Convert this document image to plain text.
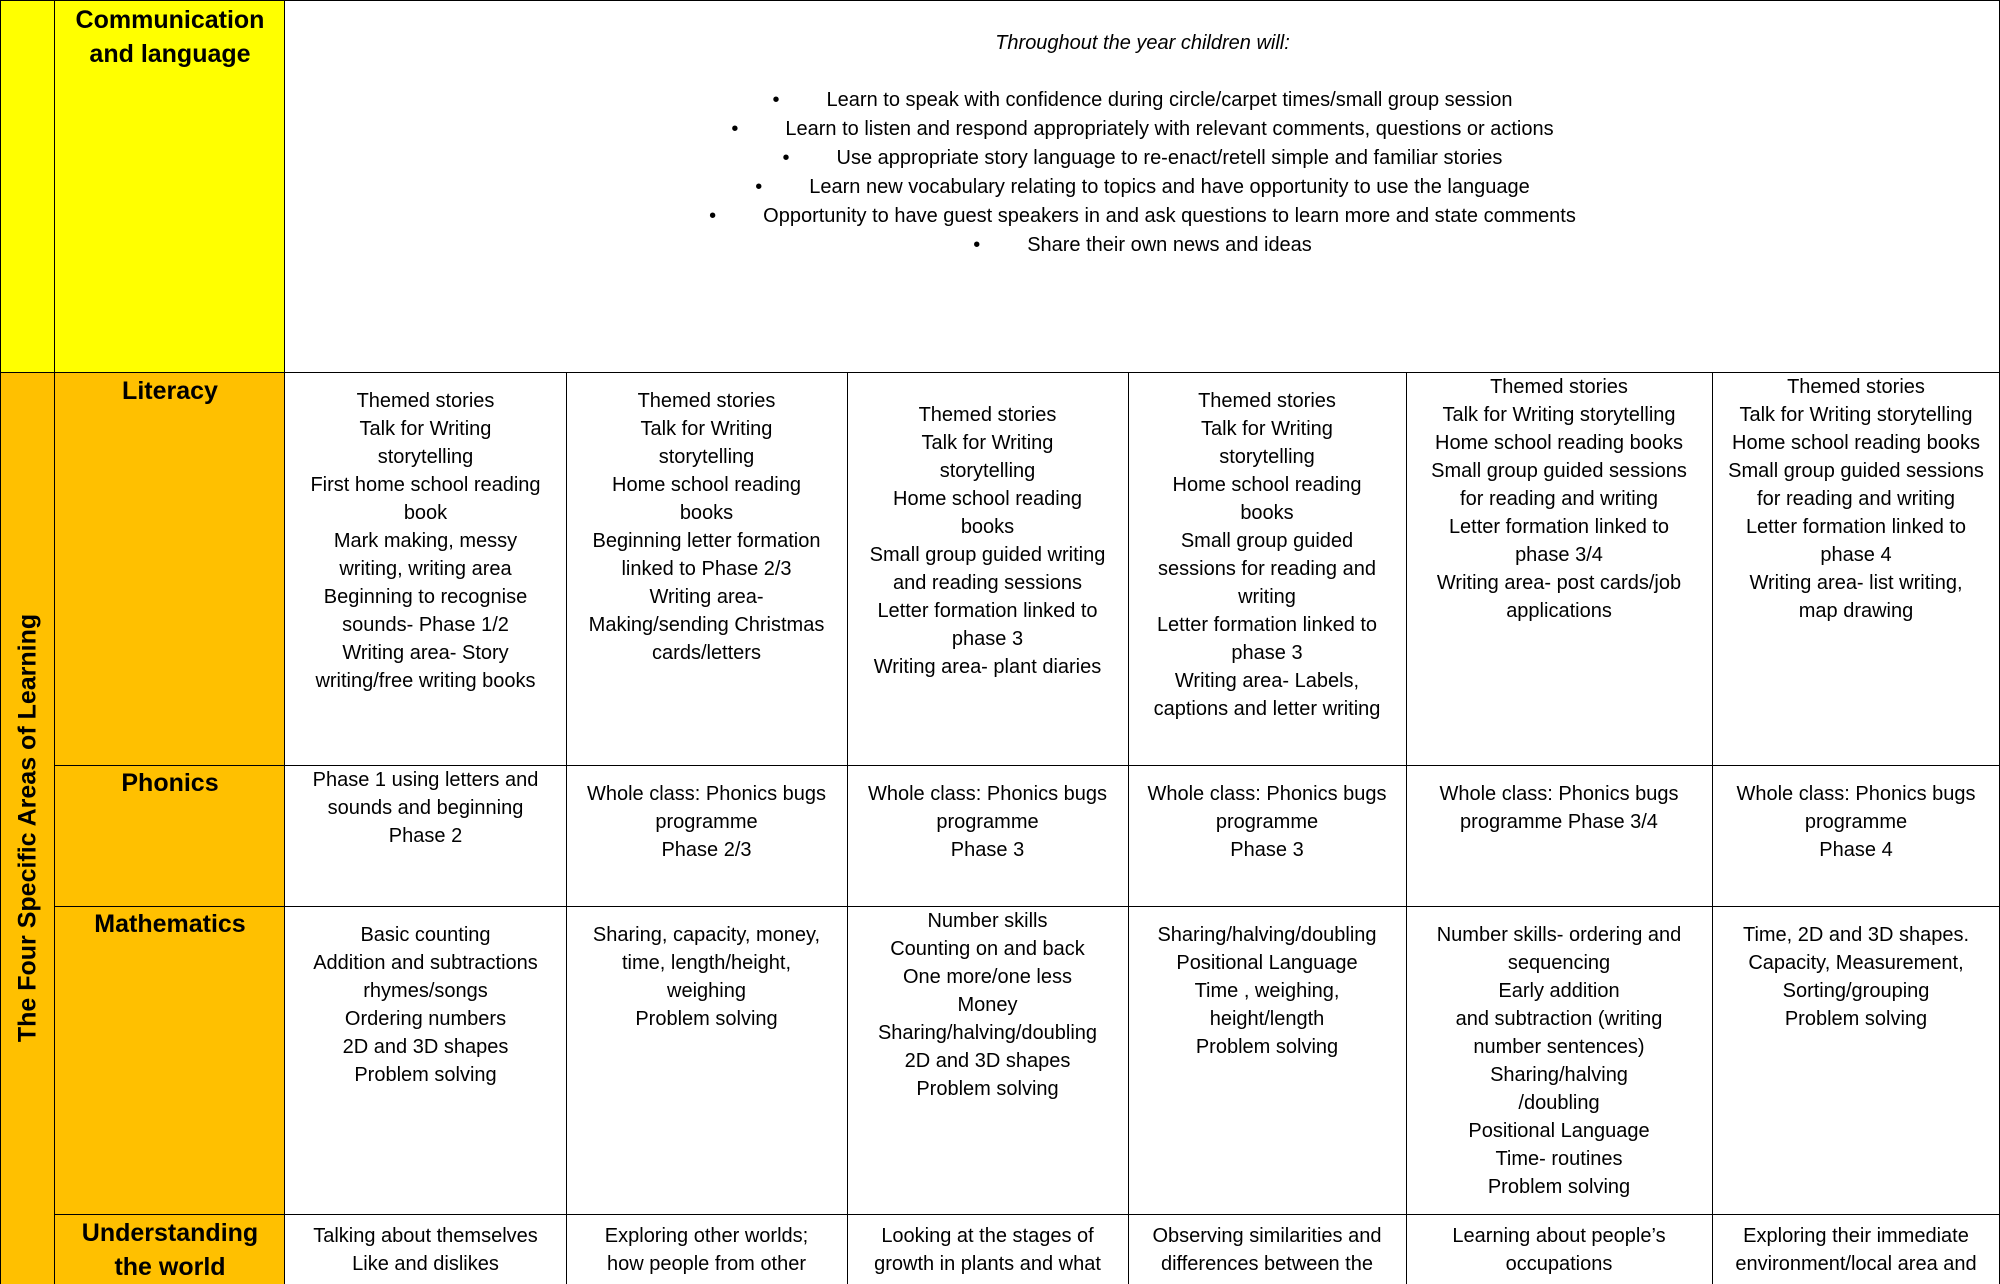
Communication
and language
The Four Specific Areas of Learning
Throughout the year children will:
• Learn to speak with confidence during circle/carpet times/small group session
• Learn to listen and respond appropriately with relevant comments, questions or actions
• Use appropriate story language to re-enact/retell simple and familiar stories
• Learn new vocabulary relating to topics and have opportunity to use the language
• Opportunity to have guest speakers in and ask questions to learn more and state comments
• Share their own news and ideas
Literacy
Phonics
Mathematics
Understanding
the world
Themed stories
Talk for Writing
storytelling
First home school reading
book
Mark making, messy
writing, writing area
Beginning to recognise
sounds- Phase 1/2
Writing area- Story
writing/free writing books
Themed stories
Talk for Writing
storytelling
Home school reading
books
Beginning letter formation
linked to Phase 2/3
Writing area-
Making/sending Christmas
cards/letters
Themed stories
Talk for Writing
storytelling
Home school reading
books
Small group guided writing
and reading sessions
Letter formation linked to
phase 3
Writing area- plant diaries
Themed stories
Talk for Writing
storytelling
Home school reading
books
Small group guided
sessions for reading and
writing
Letter formation linked to
phase 3
Writing area- Labels,
captions and letter writing
Themed stories
Talk for Writing storytelling
Home school reading books
Small group guided sessions
for reading and writing
Letter formation linked to
phase 3/4
Writing area- post cards/job
applications
Themed stories
Talk for Writing storytelling
Home school reading books
Small group guided sessions
for reading and writing
Letter formation linked to
phase 4
Writing area- list writing,
map drawing
Phase 1 using letters and
sounds and beginning
Phase 2
Whole class: Phonics bugs
programme
Phase 2/3
Whole class: Phonics bugs
programme
Phase 3
Whole class: Phonics bugs
programme
Phase 3
Whole class: Phonics bugs
programme Phase 3/4
Whole class: Phonics bugs
programme
Phase 4
Basic counting
Addition and subtractions
rhymes/songs
Ordering numbers
2D and 3D shapes
Problem solving
Sharing, capacity, money,
time, length/height,
weighing
Problem solving
Number skills
Counting on and back
One more/one less
Money
Sharing/halving/doubling
2D and 3D shapes
Problem solving
Sharing/halving/doubling
Positional Language
Time , weighing,
height/length
Problem solving
Number skills- ordering and
sequencing
Early addition
and subtraction (writing
number sentences)
Sharing/halving
/doubling
Positional Language
Time- routines
Problem solving
Time, 2D and 3D shapes.
Capacity, Measurement,
Sorting/grouping
Problem solving
Talking about themselves
Like and dislikes
Exploring other worlds;
how people from other
Looking at the stages of
growth in plants and what
Observing similarities and
differences between the
Learning about people’s
occupations
Exploring their immediate
environment/local area and
